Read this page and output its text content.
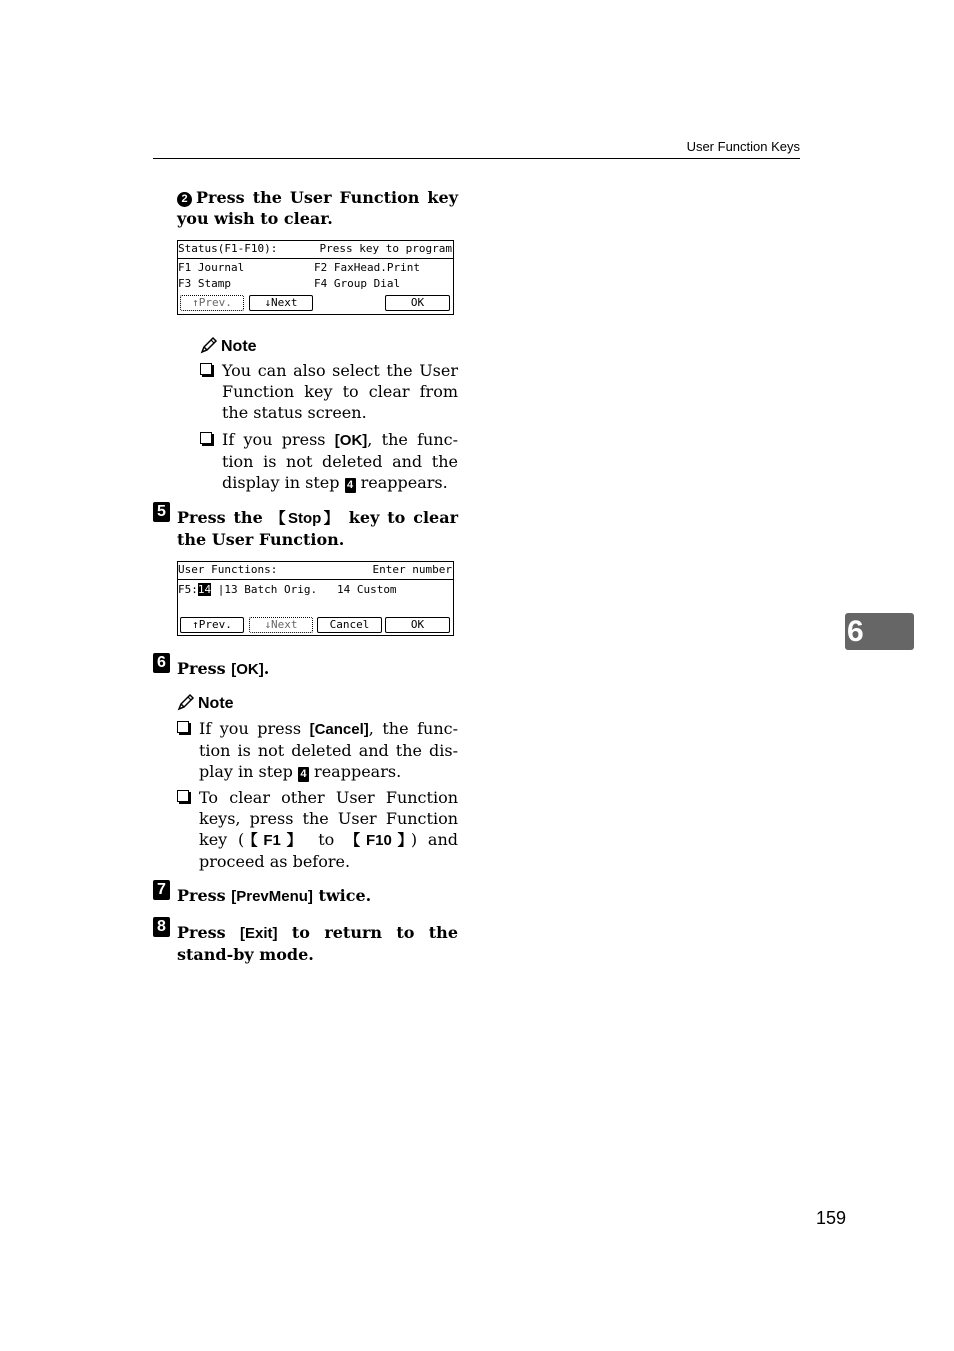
User Function Keys
2 Press the User Function key you wish to clear.
Status(F1-F10):	Press key to program
F1 Journal	F2 FaxHead.Print
F3 Stamp	F4 Group Dial
↑Prev.	↓Next	OK
Note
You can also select the User Function key to clear from the status screen.
If you press [OK], the func-tion is not deleted and the display in step 4 reappears.
5 Press the 【Stop】 key to clear the User Function.
User Functions:	Enter number
F5:14 |13 Batch Orig.   14 Custom
↑Prev.	↓Next	Cancel	OK
6 Press [OK].
Note
If you press [Cancel], the func-tion is not deleted and the dis-play in step 4 reappears.
To clear other User Function keys, press the User Function key (【F1】 to 【F10】) and proceed as before.
7 Press [PrevMenu] twice.
8 Press [Exit] to return to the stand-by mode.
6
159
